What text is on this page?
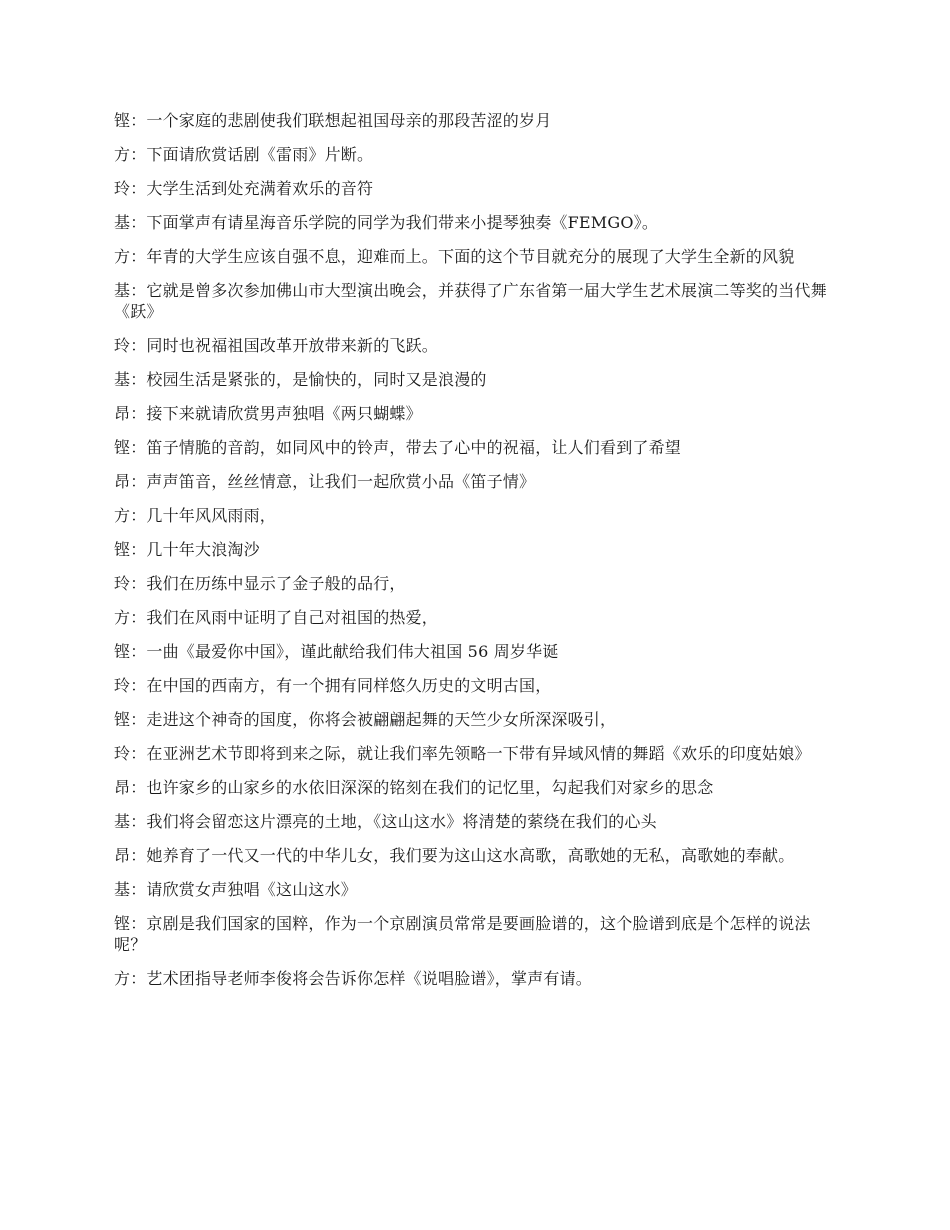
铿：一个家庭的悲剧使我们联想起祖国母亲的那段苦涩的岁月

方：下面请欣赏话剧《雷雨》片断。

玲：大学生活到处充满着欢乐的音符

基：下面掌声有请星海音乐学院的同学为我们带来小提琴独奏《FEMGO》。

方：年青的大学生应该自强不息，迎难而上。下面的这个节目就充分的展现了大学生全新的风貌

基：它就是曾多次参加佛山市大型演出晚会，并获得了广东省第一届大学生艺术展演二等奖的当代舞《跃》

玲：同时也祝福祖国改革开放带来新的飞跃。

基：校园生活是紧张的，是愉快的，同时又是浪漫的

昂：接下来就请欣赏男声独唱《两只蝴蝶》

铿：笛子情脆的音韵，如同风中的铃声，带去了心中的祝福，让人们看到了希望

昂：声声笛音，丝丝情意，让我们一起欣赏小品《笛子情》

方：几十年风风雨雨，

铿：几十年大浪淘沙

玲：我们在历练中显示了金子般的品行，

方：我们在风雨中证明了自己对祖国的热爱，

铿：一曲《最爱你中国》，谨此献给我们伟大祖国 56 周岁华诞

玲：在中国的西南方，有一个拥有同样悠久历史的文明古国，

铿：走进这个神奇的国度，你将会被翩翩起舞的天竺少女所深深吸引，

玲：在亚洲艺术节即将到来之际，就让我们率先领略一下带有异域风情的舞蹈《欢乐的印度姑娘》

昂：也许家乡的山家乡的水依旧深深的铭刻在我们的记忆里，勾起我们对家乡的思念

基：我们将会留恋这片漂亮的土地，《这山这水》将清楚的萦绕在我们的心头

昂：她养育了一代又一代的中华儿女，我们要为这山这水高歌，高歌她的无私，高歌她的奉献。

基：请欣赏女声独唱《这山这水》

铿：京剧是我们国家的国粹，作为一个京剧演员常常是要画脸谱的，这个脸谱到底是个怎样的说法呢？

方：艺术团指导老师李俊将会告诉你怎样《说唱脸谱》，掌声有请。
